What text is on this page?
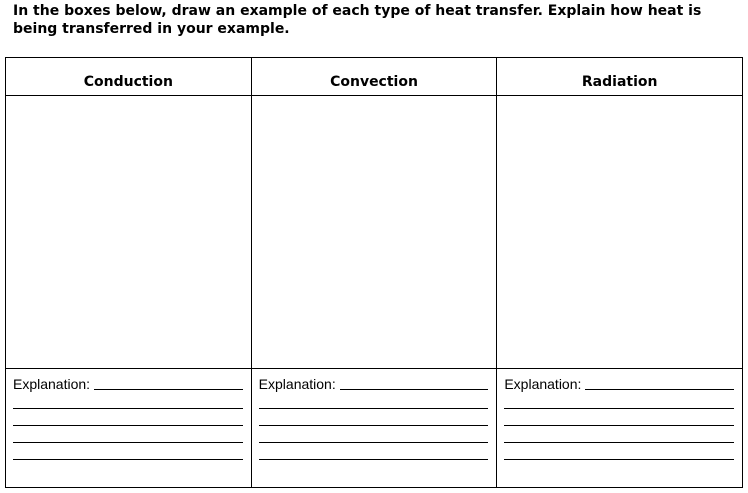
In the boxes below, draw an example of each type of heat transfer. Explain how heat is being transferred in your example.

Conduction
Explanation:
Convection
Explanation:
Radiation
Explanation:
